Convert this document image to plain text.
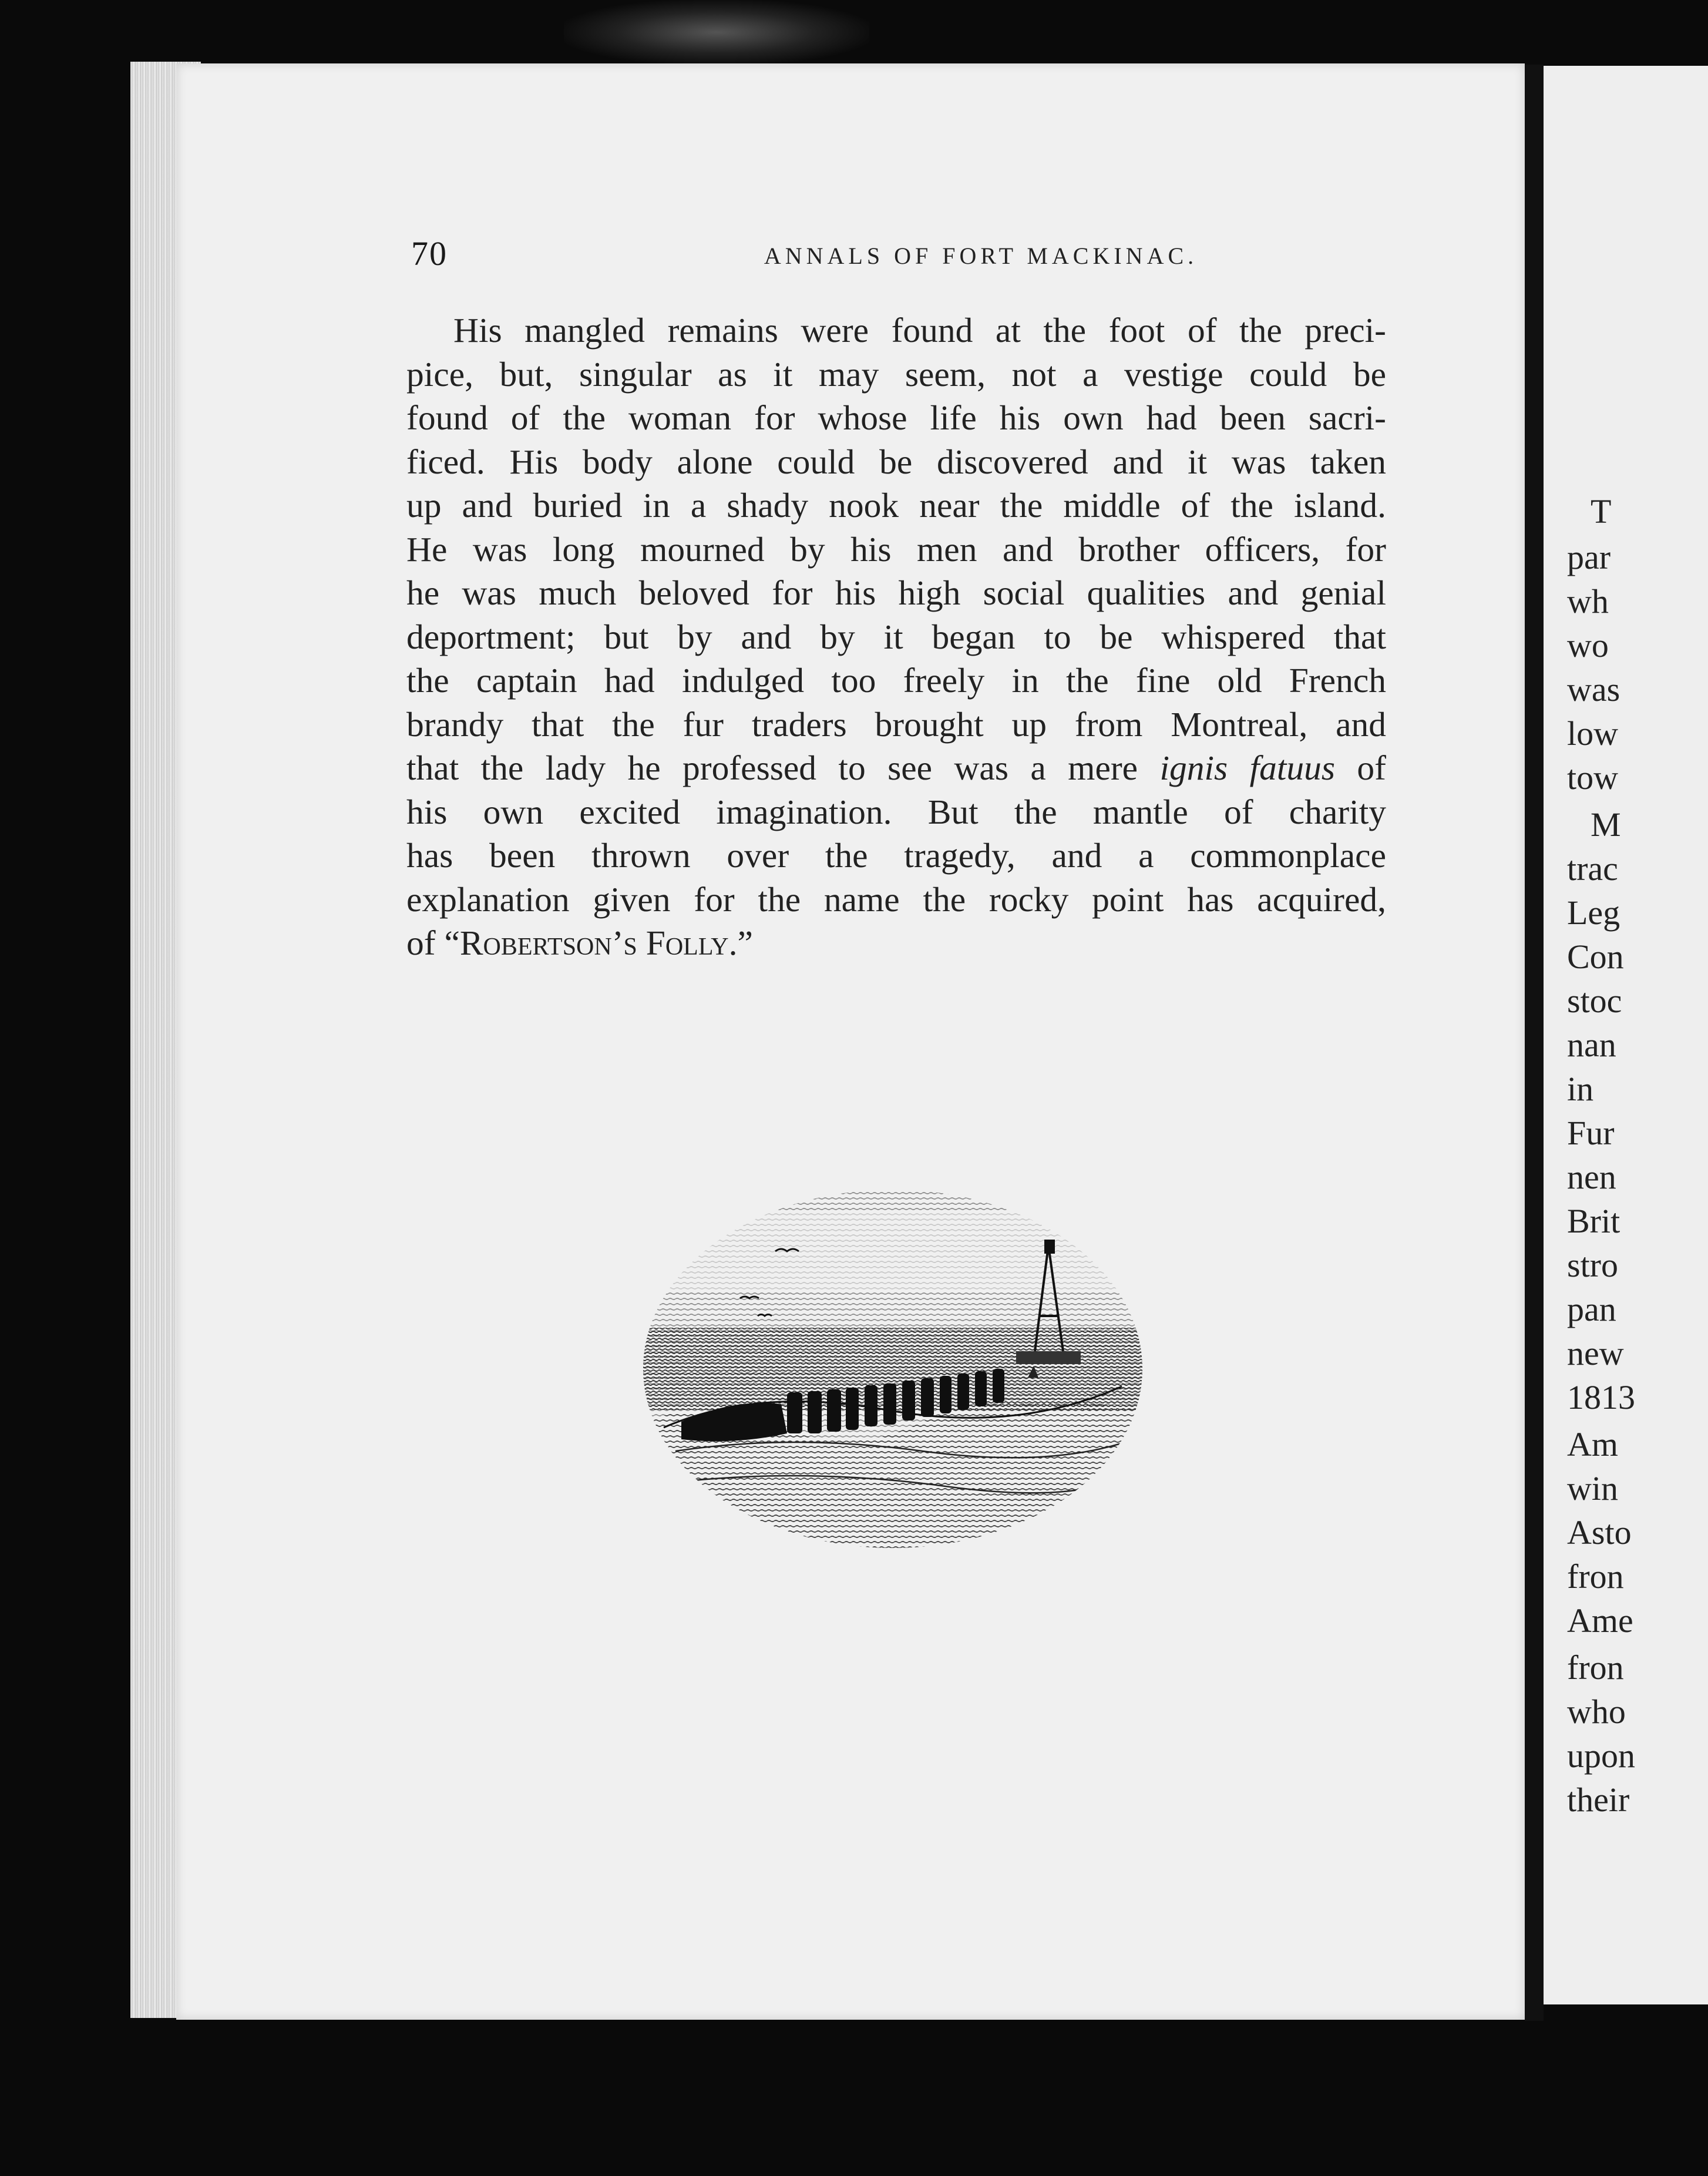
70	ANNALS OF FORT MACKINAC.
His mangled remains were found at the foot of the preci-
pice, but, singular as it may seem, not a vestige could be
found of the woman for whose life his own had been sacri-
ficed. His body alone could be discovered and it was taken
up and buried in a shady nook near the middle of the island.
He was long mourned by his men and brother officers, for
he was much beloved for his high social qualities and genial
deportment; but by and by it began to be whispered that
the captain had indulged too freely in the fine old French
brandy that the fur traders brought up from Montreal, and
that the lady he professed to see was a mere ignis fatuus of
his own excited imagination. But the mantle of charity
has been thrown over the tragedy, and a commonplace
explanation given for the name the rocky point has acquired,
of “Robertson’s Folly.”
T
par
wh
wo
was
low
tow
M
trac
Leg
Con
stoc
nan
in
Fur
nen
Brit
stro
pan
new
1813
Am
win
Asto
fron
Ame
fron
who
upon
their
